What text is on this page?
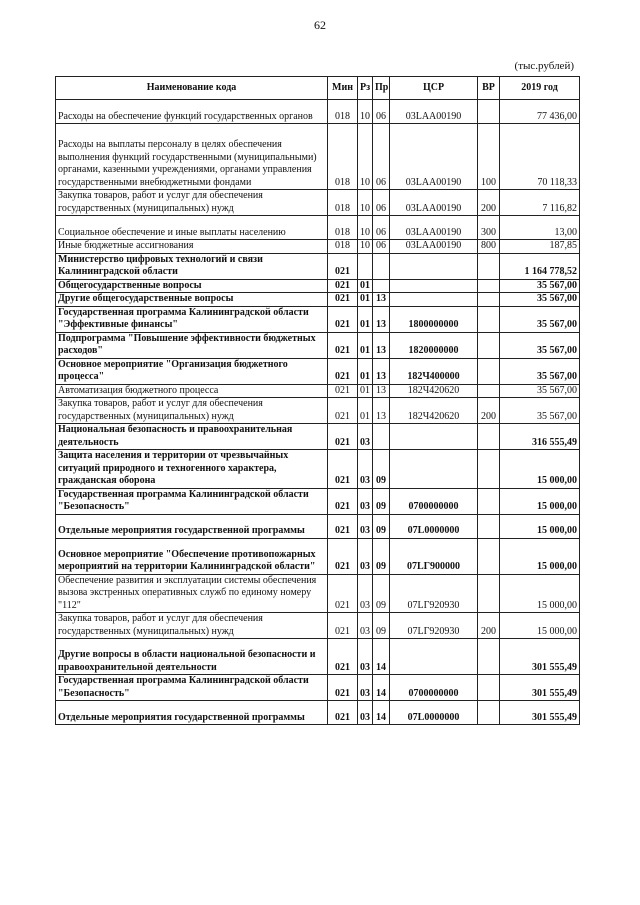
62
(тыс.рублей)
Наименование кода	Мин	Рз	Пр	ЦСР	ВР	2019 год
Расходы на обеспечение функций государственных органов	018	10	06	03LAA00190		77 436,00
Расходы на выплаты персоналу в целях обеспечения выполнения функций государственными (муниципальными) органами, казенными учреждениями, органами управления государственными внебюджетными фондами	018	10	06	03LAA00190	100	70 118,33
Закупка товаров, работ и услуг для обеспечения государственных (муниципальных) нужд	018	10	06	03LAA00190	200	7 116,82
Социальное обеспечение и иные выплаты населению	018	10	06	03LAA00190	300	13,00
Иные бюджетные ассигнования	018	10	06	03LAA00190	800	187,85
Министерство цифровых технологий и связи Калининградской области	021					1 164 778,52
Общегосударственные вопросы	021	01				35 567,00
Другие общегосударственные вопросы	021	01	13			35 567,00
Государственная программа Калининградской области "Эффективные финансы"	021	01	13	1800000000		35 567,00
Подпрограмма "Повышение эффективности бюджетных расходов"	021	01	13	1820000000		35 567,00
Основное мероприятие "Организация бюджетного процесса"	021	01	13	182Ч400000		35 567,00
Автоматизация бюджетного процесса	021	01	13	182Ч420620		35 567,00
Закупка товаров, работ и услуг для обеспечения государственных (муниципальных) нужд	021	01	13	182Ч420620	200	35 567,00
Национальная безопасность и правоохранительная деятельность	021	03				316 555,49
Защита населения и территории от чрезвычайных ситуаций природного и техногенного характера, гражданская оборона	021	03	09			15 000,00
Государственная программа Калининградской области "Безопасность"	021	03	09	0700000000		15 000,00
Отдельные мероприятия государственной программы	021	03	09	07L0000000		15 000,00
Основное мероприятие "Обеспечение противопожарных мероприятий на территории Калининградской области"	021	03	09	07LГ900000		15 000,00
Обеспечение развития и эксплуатации системы обеспечения вызова экстренных оперативных служб по единому номеру "112"	021	03	09	07LГ920930		15 000,00
Закупка товаров, работ и услуг для обеспечения государственных (муниципальных) нужд	021	03	09	07LГ920930	200	15 000,00
Другие вопросы в области национальной безопасности и правоохранительной деятельности	021	03	14			301 555,49
Государственная программа Калининградской области "Безопасность"	021	03	14	0700000000		301 555,49
Отдельные мероприятия государственной программы	021	03	14	07L0000000		301 555,49
